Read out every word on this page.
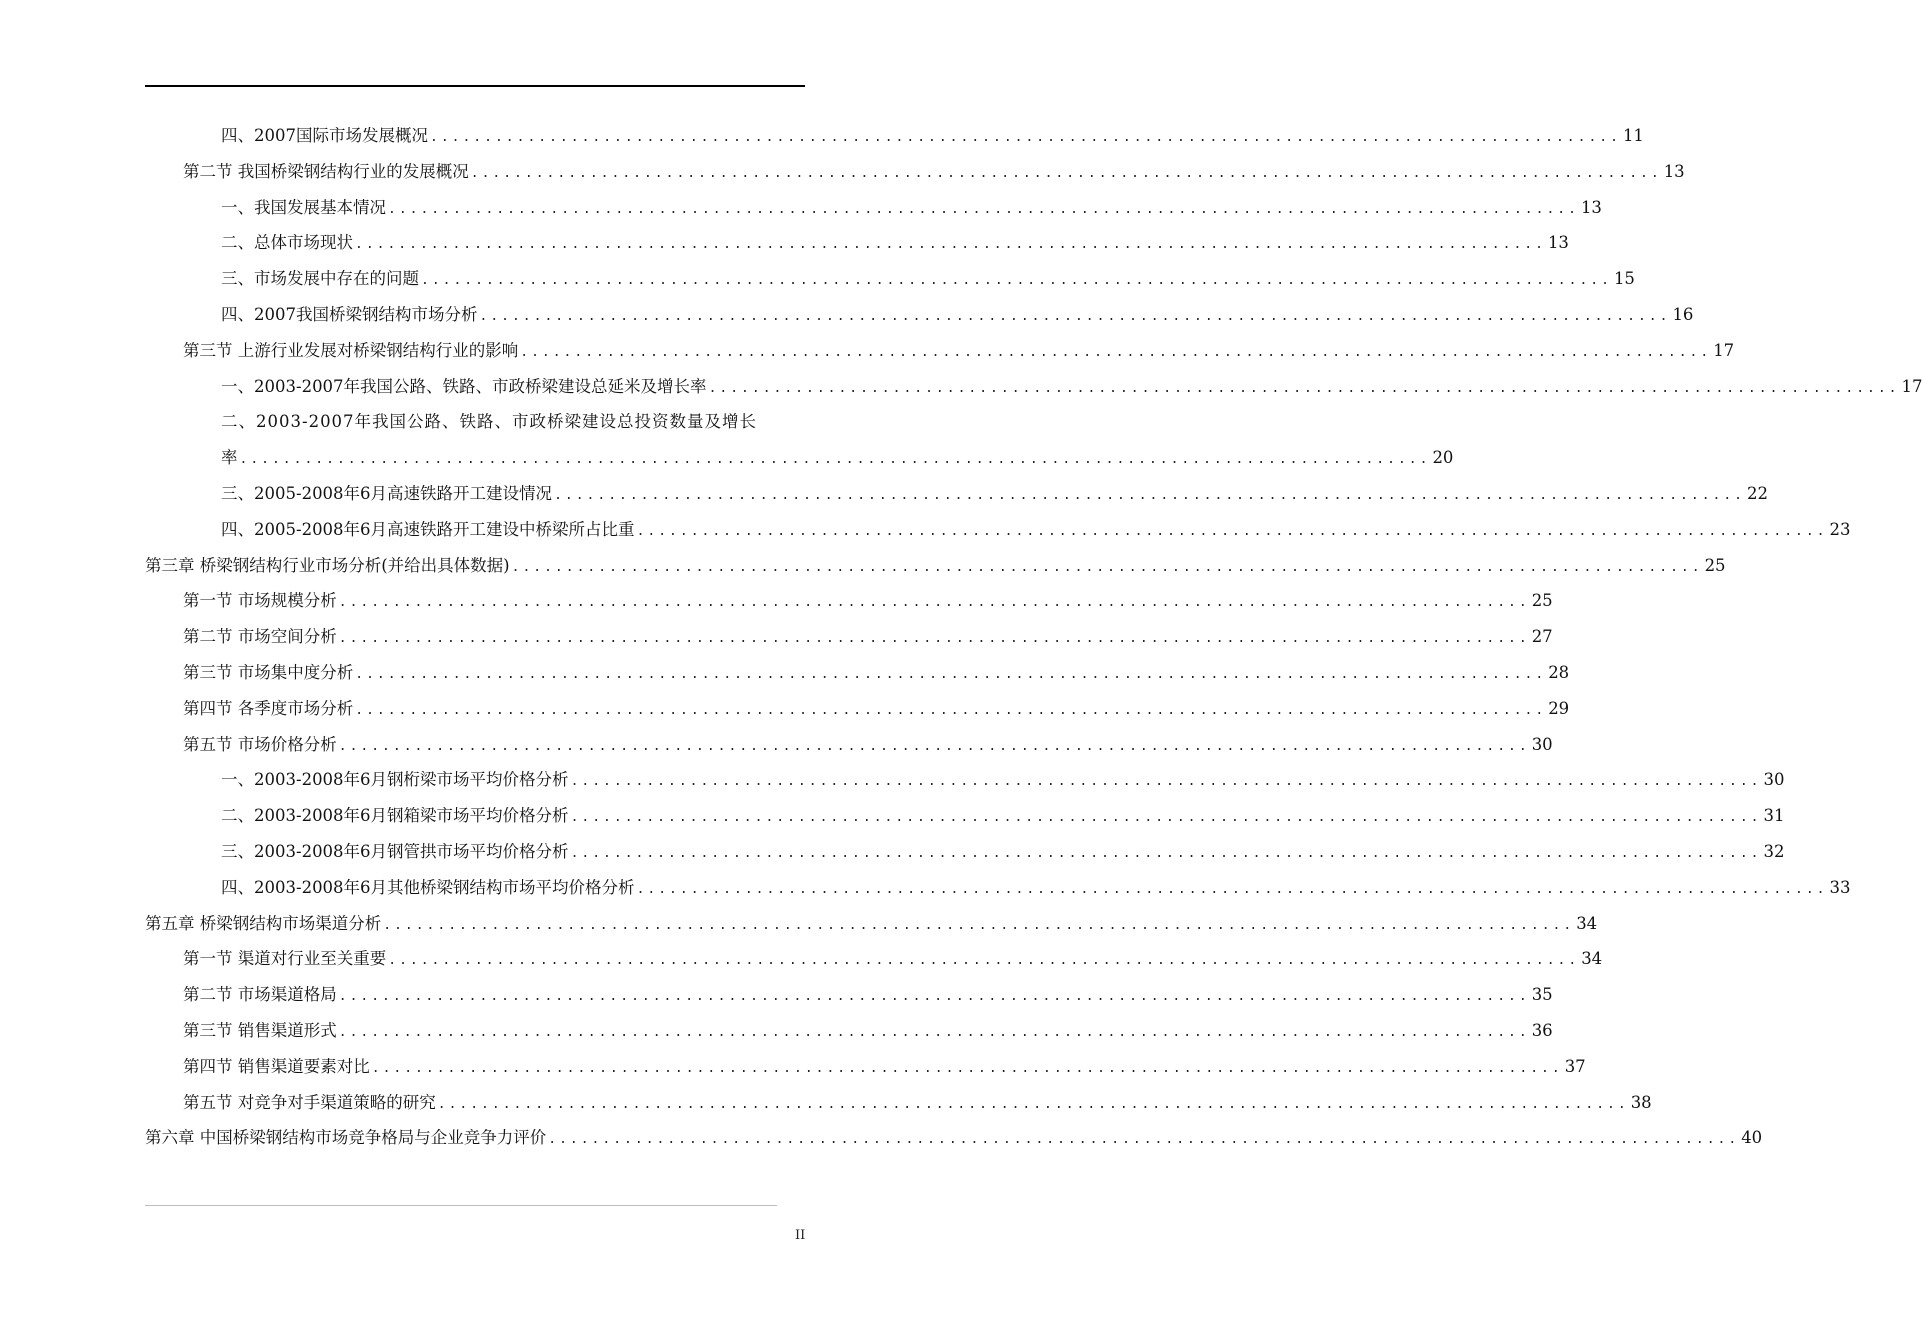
四、2007国际市场发展概况 .............................................................................................................. 11
第二节 我国桥梁钢结构行业的发展概况 .............................................................................................................. 13
一、我国发展基本情况 .............................................................................................................. 13
二、总体市场现状 .............................................................................................................. 13
三、市场发展中存在的问题 .............................................................................................................. 15
四、2007我国桥梁钢结构市场分析 .............................................................................................................. 16
第三节 上游行业发展对桥梁钢结构行业的影响 .............................................................................................................. 17
一、2003-2007年我国公路、铁路、市政桥梁建设总延米及增长率 .............................................................................................................. 17
二、2003-2007年我国公路、铁路、市政桥梁建设总投资数量及增长
率 .............................................................................................................. 20
三、2005-2008年6月高速铁路开工建设情况 .............................................................................................................. 22
四、2005-2008年6月高速铁路开工建设中桥梁所占比重 .............................................................................................................. 23
第三章 桥梁钢结构行业市场分析(并给出具体数据) .............................................................................................................. 25
第一节 市场规模分析 .............................................................................................................. 25
第二节 市场空间分析 .............................................................................................................. 27
第三节 市场集中度分析 .............................................................................................................. 28
第四节 各季度市场分析 .............................................................................................................. 29
第五节 市场价格分析 .............................................................................................................. 30
一、2003-2008年6月钢桁梁市场平均价格分析 .............................................................................................................. 30
二、2003-2008年6月钢箱梁市场平均价格分析 .............................................................................................................. 31
三、2003-2008年6月钢管拱市场平均价格分析 .............................................................................................................. 32
四、2003-2008年6月其他桥梁钢结构市场平均价格分析 .............................................................................................................. 33
第五章 桥梁钢结构市场渠道分析 .............................................................................................................. 34
第一节 渠道对行业至关重要 .............................................................................................................. 34
第二节 市场渠道格局 .............................................................................................................. 35
第三节 销售渠道形式 .............................................................................................................. 36
第四节 销售渠道要素对比 .............................................................................................................. 37
第五节 对竞争对手渠道策略的研究 .............................................................................................................. 38
第六章 中国桥梁钢结构市场竞争格局与企业竞争力评价 .............................................................................................................. 40
II
